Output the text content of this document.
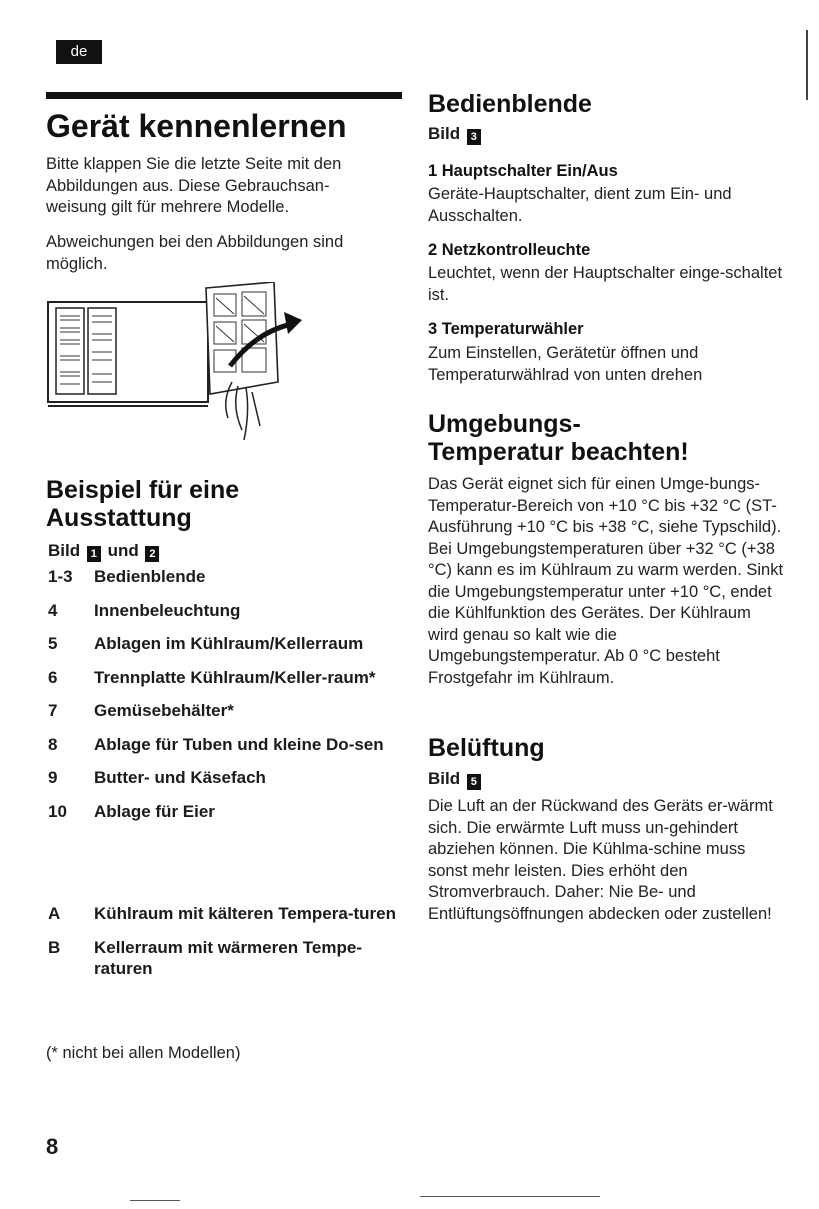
de
Gerät kennenlernen

Bitte klappen Sie die letzte Seite mit den Abbildungen aus. Diese Gebrauchsan-weisung gilt für mehrere Modelle.

Abweichungen bei den Abbildungen sind möglich.

Beispiel für eine
Ausstattung
Bild 1 und 2
1-3	Bedienblende
4	Innenbeleuchtung
5	Ablagen im Kühlraum/Kellerraum
6	Trennplatte Kühlraum/Keller-raum*
7	Gemüsebehälter*
8	Ablage für Tuben und kleine Do-sen
9	Butter- und Käsefach
10	Ablage für Eier
A	Kühlraum mit kälteren Tempera-turen
B	Kellerraum mit wärmeren Tempe-raturen
(* nicht bei allen Modellen)
8
Bedienblende
Bild 3
1 Hauptschalter Ein/Aus

Geräte-Hauptschalter, dient zum Ein- und Ausschalten.

2 Netzkontrolleuchte

Leuchtet, wenn der Hauptschalter einge-schaltet ist.

3 Temperaturwähler

Zum Einstellen, Gerätetür öffnen und Temperaturwählrad von unten drehen

Umgebungs-
Temperatur beachten!

Das Gerät eignet sich für einen Umge-bungs- Temperatur-Bereich von +10 °C bis +32 °C (ST-Ausführung +10 °C bis +38 °C, siehe Typschild). Bei Umgebungstemperaturen über +32 °C (+38 °C) kann es im Kühlraum zu warm werden. Sinkt die Umgebungstemperatur unter +10 °C, endet die Kühlfunktion des Gerätes. Der Kühlraum wird genau so kalt wie die Umgebungstemperatur. Ab 0 °C besteht Frostgefahr im Kühlraum.

Belüftung
Bild 5

Die Luft an der Rückwand des Geräts er-wärmt sich. Die erwärmte Luft muss un-gehindert abziehen können. Die Kühlma-schine muss sonst mehr leisten. Dies erhöht den Stromverbrauch. Daher: Nie Be- und Entlüftungsöffnungen abdecken oder zustellen!
